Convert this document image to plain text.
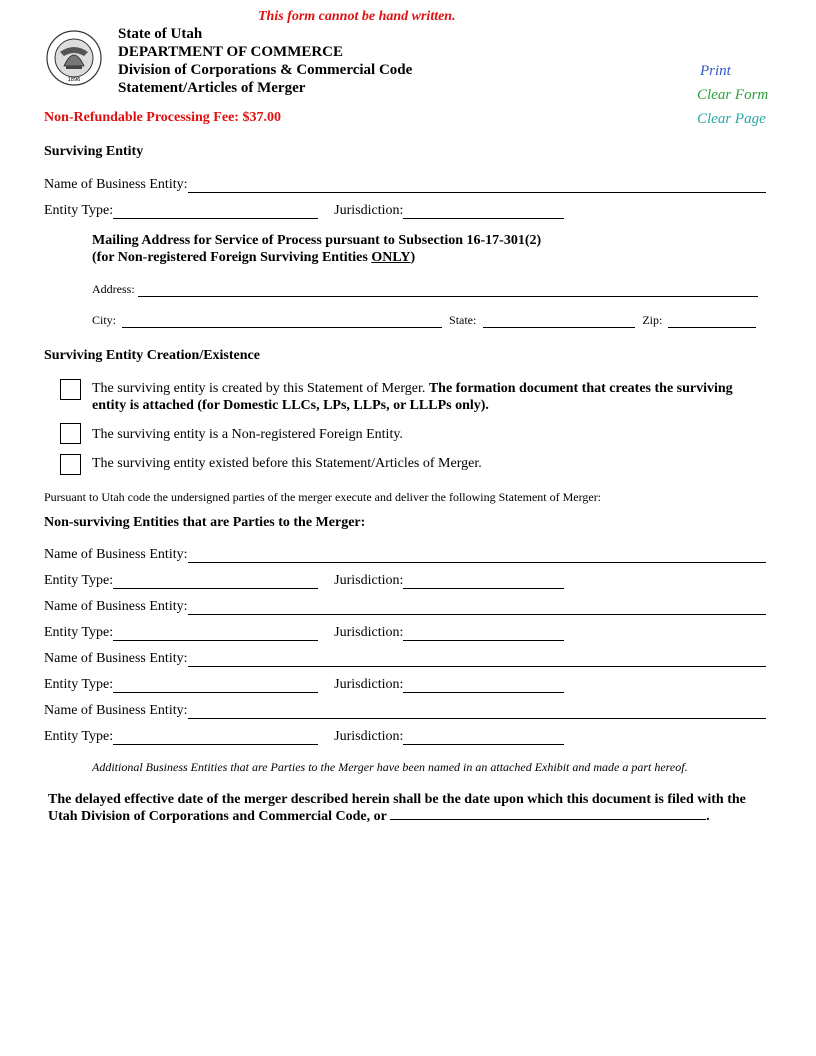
This form cannot be hand written.
1896
State of Utah
DEPARTMENT OF COMMERCE
Division of Corporations & Commercial Code
Statement/Articles of Merger
Print
Clear Form
Clear Page
Non-Refundable Processing Fee: $37.00
Surviving Entity
Name of Business Entity:
Entity Type:	Jurisdiction:
Mailing Address for Service of Process pursuant to Subsection 16-17-301(2)
(for Non-registered Foreign Surviving Entities ONLY)
Address:
City:	State:	Zip:
Surviving Entity Creation/Existence
The surviving entity is created by this Statement of Merger. The formation document that creates the surviving
entity is attached (for Domestic LLCs, LPs, LLPs, or LLLPs only).
The surviving entity is a Non-registered Foreign Entity.
The surviving entity existed before this Statement/Articles of Merger.
Pursuant to Utah code the undersigned parties of the merger execute and deliver the following Statement of Merger:
Non-surviving Entities that are Parties to the Merger:
Name of Business Entity:
Entity Type:	Jurisdiction:
Name of Business Entity:
Entity Type:	Jurisdiction:
Name of Business Entity:
Entity Type:	Jurisdiction:
Name of Business Entity:
Entity Type:	Jurisdiction:
Additional Business Entities that are Parties to the Merger have been named in an attached Exhibit and made a part hereof.
The delayed effective date of the merger described herein shall be the date upon which this document is filed with the
Utah Division of Corporations and Commercial Code, or	.
